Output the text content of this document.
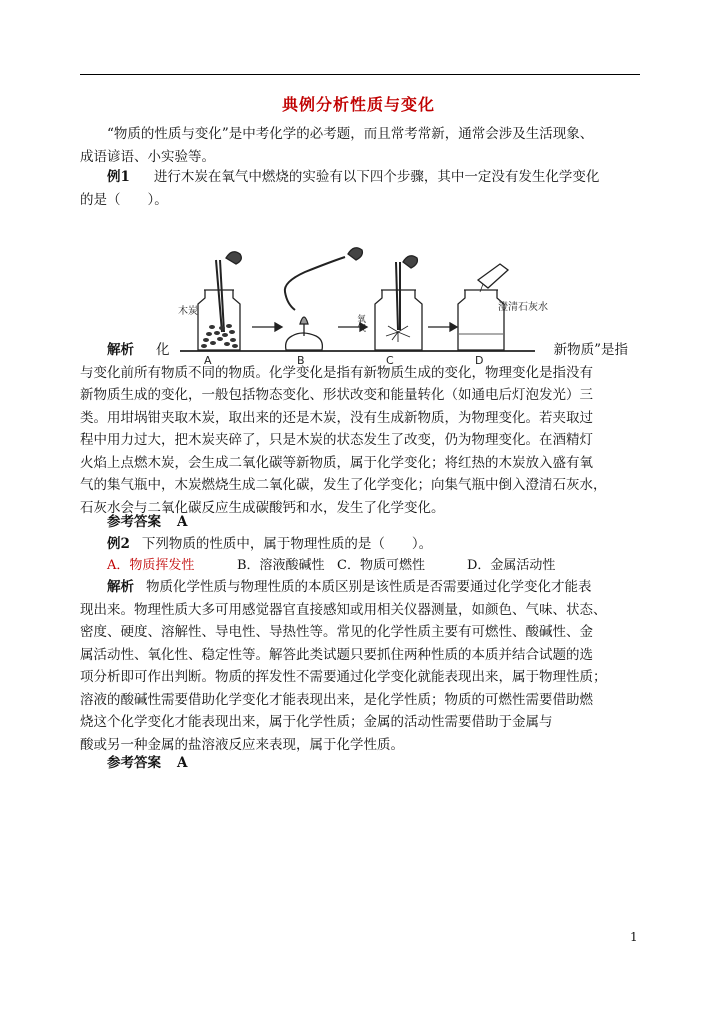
典例分析性质与变化
“物质的性质与变化”是中考化学的必考题，而且常考常新，通常会涉及生活现象、
成语谚语、小实验等。
例1 进行木炭在氧气中燃烧的实验有以下四个步骤，其中一定没有发生化学变化
的是（　　）。
木炭
氧气
澄清石灰水
A	B	C	D
解析 化	新物质”是指
与变化前所有物质不同的物质。化学变化是指有新物质生成的变化，物理变化是指没有
新物质生成的变化，一般包括物态变化、形状改变和能量转化（如通电后灯泡发光）三
类。用坩埚钳夹取木炭，取出来的还是木炭，没有生成新物质，为物理变化。若夹取过
程中用力过大，把木炭夹碎了，只是木炭的状态发生了改变，仍为物理变化。在酒精灯
火焰上点燃木炭，会生成二氧化碳等新物质，属于化学变化；将红热的木炭放入盛有氧
气的集气瓶中，木炭燃烧生成二氧化碳，发生了化学变化；向集气瓶中倒入澄清石灰水，
石灰水会与二氧化碳反应生成碳酸钙和水，发生了化学变化。
参考答案 A
例2 下列物质的性质中，属于物理性质的是（　　）。
A．物质挥发性	B．溶液酸碱性 C．物质可燃性	D．金属活动性
解析 物质化学性质与物理性质的本质区别是该性质是否需要通过化学变化才能表
现出来。物理性质大多可用感觉器官直接感知或用相关仪器测量，如颜色、气味、状态、
密度、硬度、溶解性、导电性、导热性等。常见的化学性质主要有可燃性、酸碱性、金
属活动性、氧化性、稳定性等。解答此类试题只要抓住两种性质的本质并结合试题的选
项分析即可作出判断。物质的挥发性不需要通过化学变化就能表现出来，属于物理性质；
溶液的酸碱性需要借助化学变化才能表现出来，是化学性质；物质的可燃性需要借助燃
烧这个化学变化才能表现出来，属于化学性质；金属的活动性需要借助于金属与
酸或另一种金属的盐溶液反应来表现，属于化学性质。
参考答案 A
1
